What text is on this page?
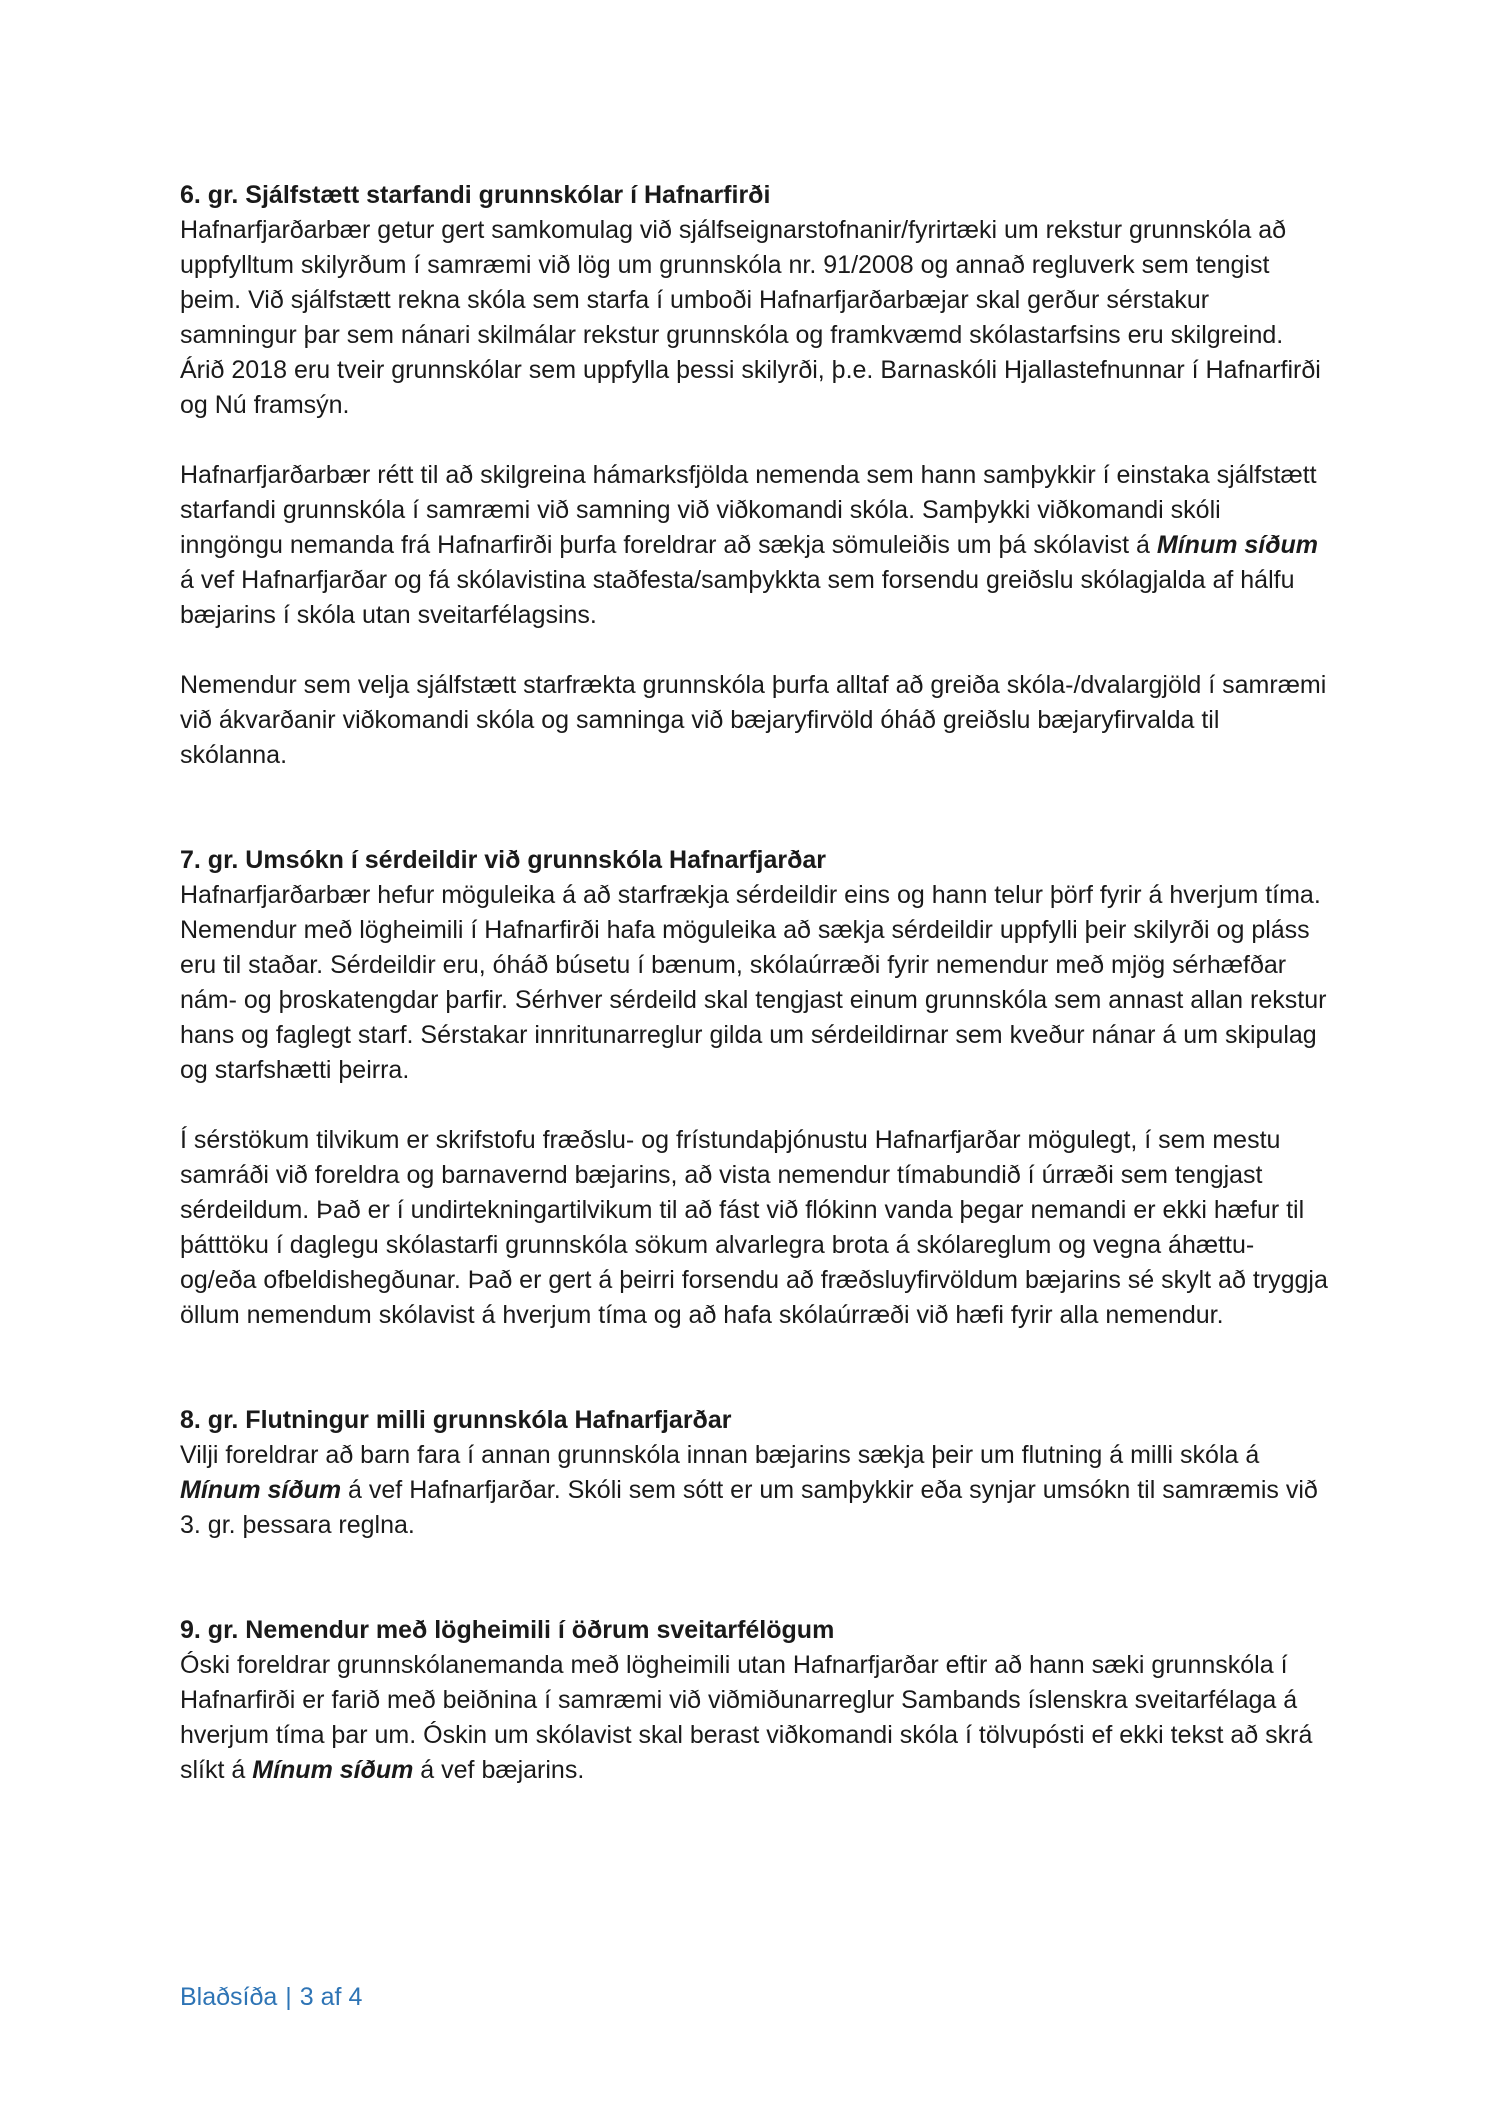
6. gr. Sjálfstætt starfandi grunnskólar í Hafnarfirði

Hafnarfjarðarbær getur gert samkomulag við sjálfseignarstofnanir/fyrirtæki um rekstur grunnskóla að uppfylltum skilyrðum í samræmi við lög um grunnskóla nr. 91/2008 og annað regluverk sem tengist þeim. Við sjálfstætt rekna skóla sem starfa í umboði Hafnarfjarðarbæjar skal gerður sérstakur samningur þar sem nánari skilmálar rekstur grunnskóla og framkvæmd skólastarfsins eru skilgreind. Árið 2018 eru tveir grunnskólar sem uppfylla þessi skilyrði, þ.e. Barnaskóli Hjallastefnunnar í Hafnarfirði og Nú framsýn.

Hafnarfjarðarbær rétt til að skilgreina hámarksfjölda nemenda sem hann samþykkir í einstaka sjálfstætt starfandi grunnskóla í samræmi við samning við viðkomandi skóla. Samþykki viðkomandi skóli inngöngu nemanda frá Hafnarfirði þurfa foreldrar að sækja sömuleiðis um þá skólavist á Mínum síðum á vef Hafnarfjarðar og fá skólavistina staðfesta/samþykkta sem forsendu greiðslu skólagjalda af hálfu bæjarins í skóla utan sveitarfélagsins.

Nemendur sem velja sjálfstætt starfrækta grunnskóla þurfa alltaf að greiða skóla-/dvalargjöld í samræmi við ákvarðanir viðkomandi skóla og samninga við bæjaryfirvöld óháð greiðslu bæjaryfirvalda til skólanna.

7. gr. Umsókn í sérdeildir við grunnskóla Hafnarfjarðar

Hafnarfjarðarbær hefur möguleika á að starfrækja sérdeildir eins og hann telur þörf fyrir á hverjum tíma. Nemendur með lögheimili í Hafnarfirði hafa möguleika að sækja sérdeildir uppfylli þeir skilyrði og pláss eru til staðar. Sérdeildir eru, óháð búsetu í bænum, skólaúrræði fyrir nemendur með mjög sérhæfðar nám- og þroskatengdar þarfir. Sérhver sérdeild skal tengjast einum grunnskóla sem annast allan rekstur hans og faglegt starf. Sérstakar innritunarreglur gilda um sérdeildirnar sem kveður nánar á um skipulag og starfshætti þeirra.

Í sérstökum tilvikum er skrifstofu fræðslu- og frístundaþjónustu Hafnarfjarðar mögulegt, í sem mestu samráði við foreldra og barnavernd bæjarins, að vista nemendur tímabundið í úrræði sem tengjast sérdeildum. Það er í undirtekningartilvikum til að fást við flókinn vanda þegar nemandi er ekki hæfur til þátttöku í daglegu skólastarfi grunnskóla sökum alvarlegra brota á skólareglum og vegna áhættu- og/eða ofbeldishegðunar. Það er gert á þeirri forsendu að fræðsluyfirvöldum bæjarins sé skylt að tryggja öllum nemendum skólavist á hverjum tíma og að hafa skólaúrræði við hæfi fyrir alla nemendur.

8. gr. Flutningur milli grunnskóla Hafnarfjarðar

Vilji foreldrar að barn fara í annan grunnskóla innan bæjarins sækja þeir um flutning á milli skóla á Mínum síðum á vef Hafnarfjarðar. Skóli sem sótt er um samþykkir eða synjar umsókn til samræmis við 3. gr. þessara reglna.

9. gr. Nemendur með lögheimili í öðrum sveitarfélögum

Óski foreldrar grunnskólanemanda með lögheimili utan Hafnarfjarðar eftir að hann sæki grunnskóla í Hafnarfirði er farið með beiðnina í samræmi við viðmiðunarreglur Sambands íslenskra sveitarfélaga á hverjum tíma þar um. Óskin um skólavist skal berast viðkomandi skóla í tölvupósti ef ekki tekst að skrá slíkt á Mínum síðum á vef bæjarins.

Blaðsíða | 3 af 4
